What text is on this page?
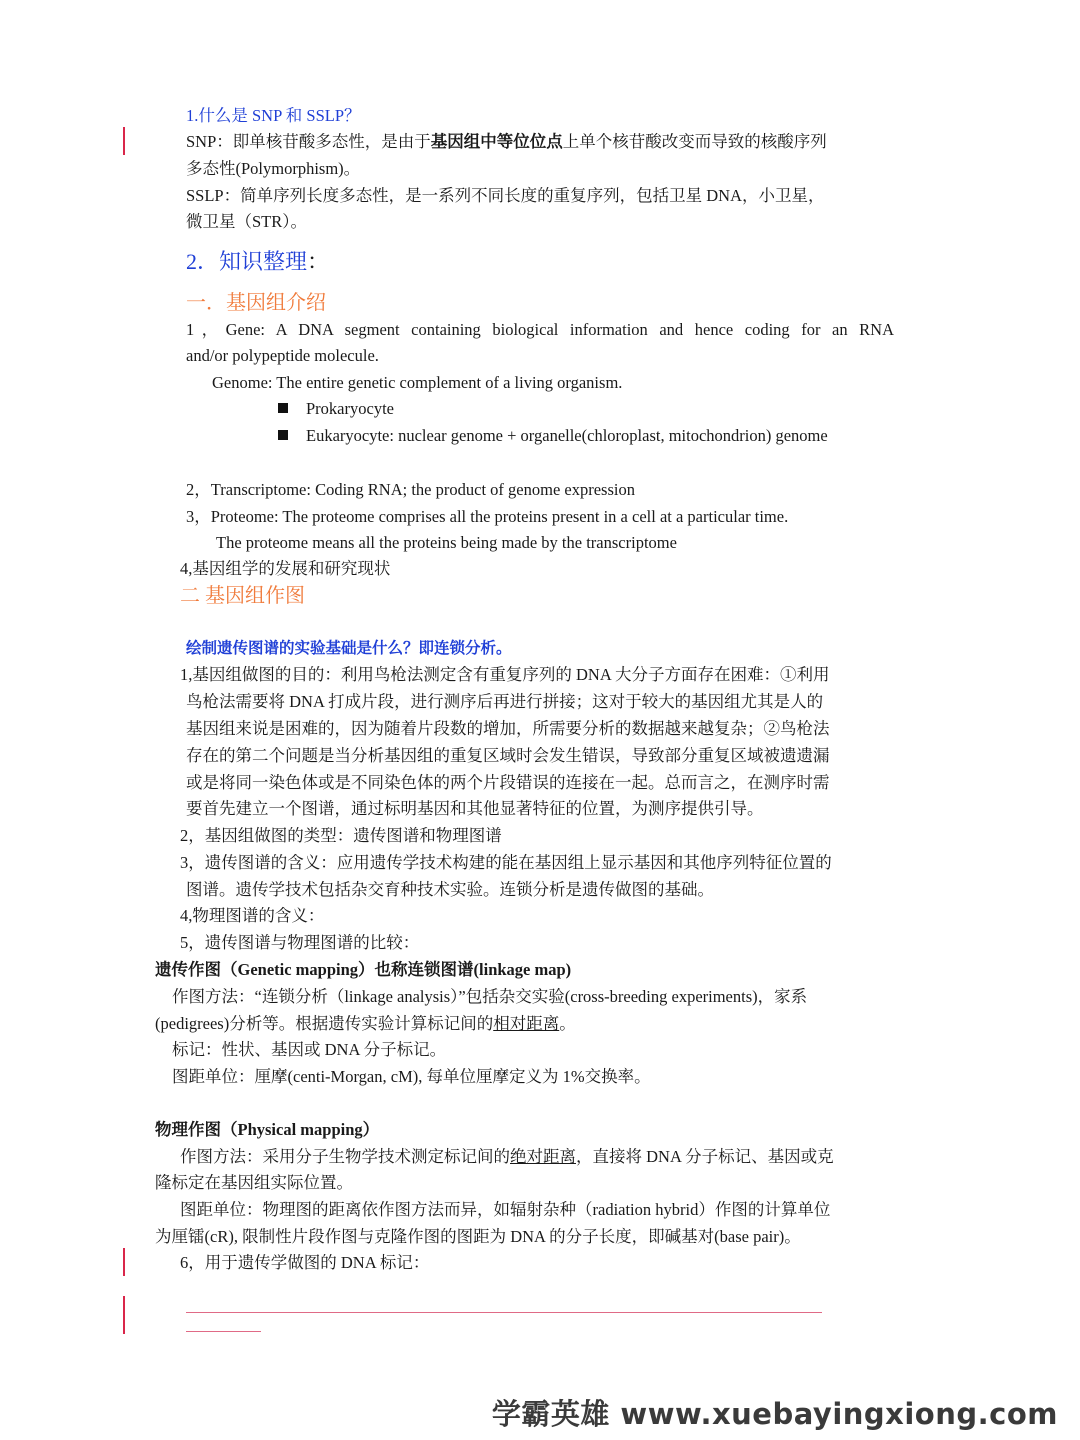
1.什么是 SNP 和 SSLP？
SNP：即单核苷酸多态性，是由于基因组中等位位点上单个核苷酸改变而导致的核酸序列
多态性(Polymorphism)。
SSLP：简单序列长度多态性，是一系列不同长度的重复序列，包括卫星 DNA，小卫星，
微卫星（STR）。
2．知识整理：
一．基因组介绍
1，Gene: A DNA segment containing biological information and hence coding for an RNA
and/or polypeptide molecule.
Genome: The entire genetic complement of a living organism.
Prokaryocyte
Eukaryocyte: nuclear genome + organelle(chloroplast, mitochondrion) genome
2，Transcriptome: Coding RNA; the product of genome expression
3，Proteome: The proteome comprises all the proteins present in a cell at a particular time.
The proteome means all the proteins being made by the transcriptome
4,基因组学的发展和研究现状
二 基因组作图
绘制遗传图谱的实验基础是什么？即连锁分析。
1,基因组做图的目的：利用鸟枪法测定含有重复序列的 DNA 大分子方面存在困难：①利用
鸟枪法需要将 DNA 打成片段，进行测序后再进行拼接；这对于较大的基因组尤其是人的
基因组来说是困难的，因为随着片段数的增加，所需要分析的数据越来越复杂；②鸟枪法
存在的第二个问题是当分析基因组的重复区域时会发生错误，导致部分重复区域被遗遗漏
或是将同一染色体或是不同染色体的两个片段错误的连接在一起。总而言之，在测序时需
要首先建立一个图谱，通过标明基因和其他显著特征的位置，为测序提供引导。
2，基因组做图的类型：遗传图谱和物理图谱
3，遗传图谱的含义：应用遗传学技术构建的能在基因组上显示基因和其他序列特征位置的
图谱。遗传学技术包括杂交育种技术实验。连锁分析是遗传做图的基础。
4,物理图谱的含义：
5，遗传图谱与物理图谱的比较：
遗传作图（Genetic mapping）也称连锁图谱(linkage map)
作图方法：“连锁分析（linkage analysis）”包括杂交实验(cross-breeding experiments)，家系
(pedigrees)分析等。根据遗传实验计算标记间的相对距离。
标记：性状、基因或 DNA 分子标记。
图距单位：厘摩(centi-Morgan, cM), 每单位厘摩定义为 1%交换率。
物理作图（Physical mapping）
作图方法：采用分子生物学技术测定标记间的绝对距离，直接将 DNA 分子标记、基因或克
隆标定在基因组实际位置。
图距单位：物理图的距离依作图方法而异，如辐射杂种（radiation hybrid）作图的计算单位
为厘镭(cR), 限制性片段作图与克隆作图的图距为 DNA 的分子长度，即碱基对(base pair)。
6，用于遗传学做图的 DNA 标记：
学霸英雄 www.xuebayingxiong.com
